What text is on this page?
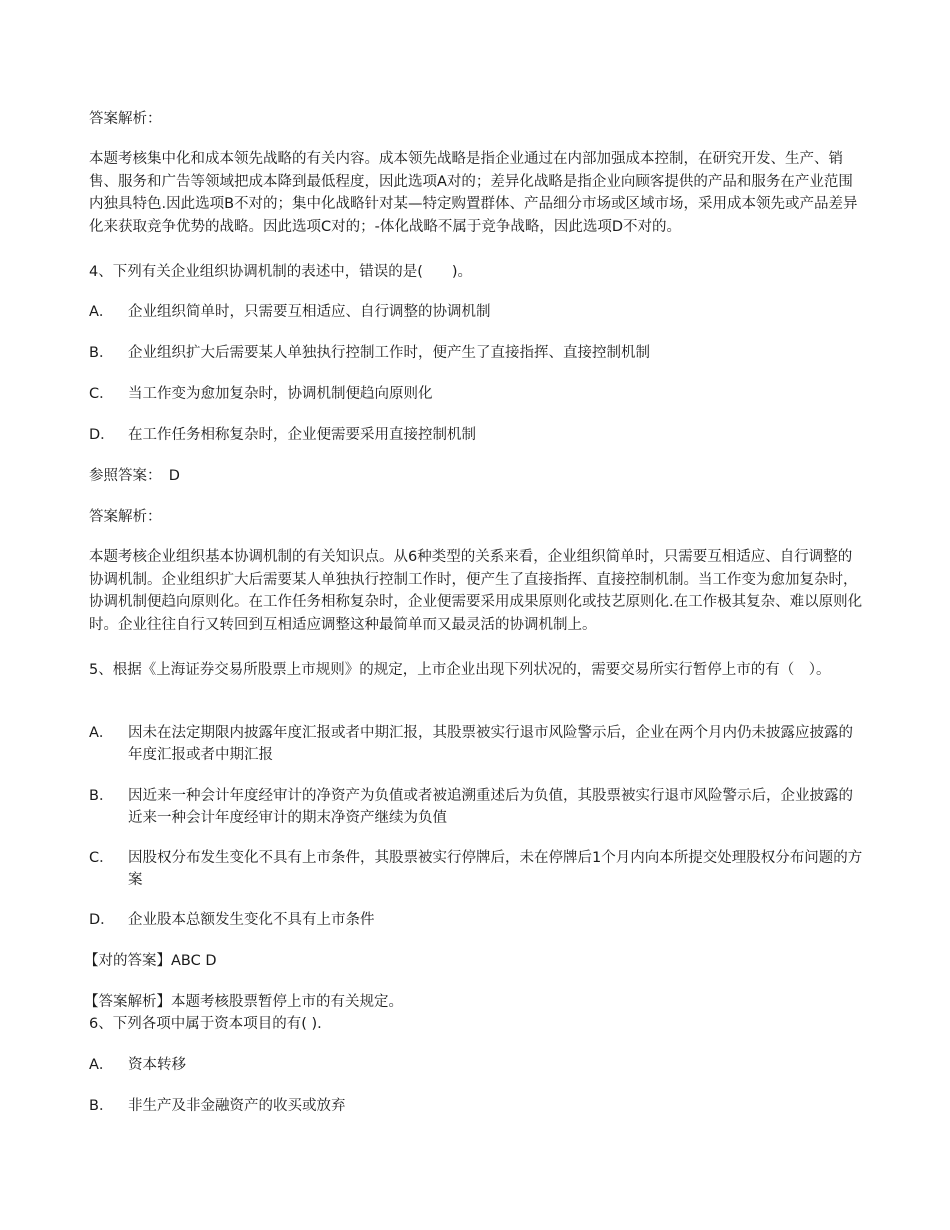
答案解析：
本题考核集中化和成本领先战略的有关内容。成本领先战略是指企业通过在内部加强成本控制，在研究开发、生产、销售、服务和广告等领域把成本降到最低程度，因此选项A对的；差异化战略是指企业向顾客提供的产品和服务在产业范围内独具特色.因此选项B不对的；集中化战略针对某—特定购置群体、产品细分市场或区域市场，采用成本领先或产品差异化来获取竞争优势的战略。因此选项C对的；-体化战略不属于竞争战略，因此选项D不对的。
4、下列有关企业组织协调机制的表述中，错误的是(　　)。
A．	企业组织简单时，只需要互相适应、自行调整的协调机制
B．	企业组织扩大后需要某人单独执行控制工作时，便产生了直接指挥、直接控制机制
C． 当工作变为愈加复杂时，协调机制便趋向原则化
D． 在工作任务相称复杂时，企业便需要采用直接控制机制
参照答案：　D
答案解析：
本题考核企业组织基本协调机制的有关知识点。从6种类型的关系来看，企业组织简单时，只需要互相适应、自行调整的协调机制。企业组织扩大后需要某人单独执行控制工作时，便产生了直接指挥、直接控制机制。当工作变为愈加复杂时，协调机制便趋向原则化。在工作任务相称复杂时，企业便需要采用成果原则化或技艺原则化.在工作极其复杂、难以原则化时。企业往往自行又转回到互相适应调整这种最简单而又最灵活的协调机制上。
5、根据《上海证券交易所股票上市规则》的规定，上市企业出现下列状况的，需要交易所实行暂停上市的有（　）。
A．	因未在法定期限内披露年度汇报或者中期汇报，其股票被实行退市风险警示后，企业在两个月内仍未披露应披露的年度汇报或者中期汇报
B．	因近来一种会计年度经审计的净资产为负值或者被追溯重述后为负值，其股票被实行退市风险警示后，企业披露的近来一种会计年度经审计的期末净资产继续为负值
C． 因股权分布发生变化不具有上市条件，其股票被实行停牌后，未在停牌后1个月内向本所提交处理股权分布问题的方案
D． 企业股本总额发生变化不具有上市条件
【对的答案】ABC D
【答案解析】本题考核股票暂停上市的有关规定。
6、下列各项中属于资本项目的有( ).
A．	资本转移
B．	非生产及非金融资产的收买或放弃
